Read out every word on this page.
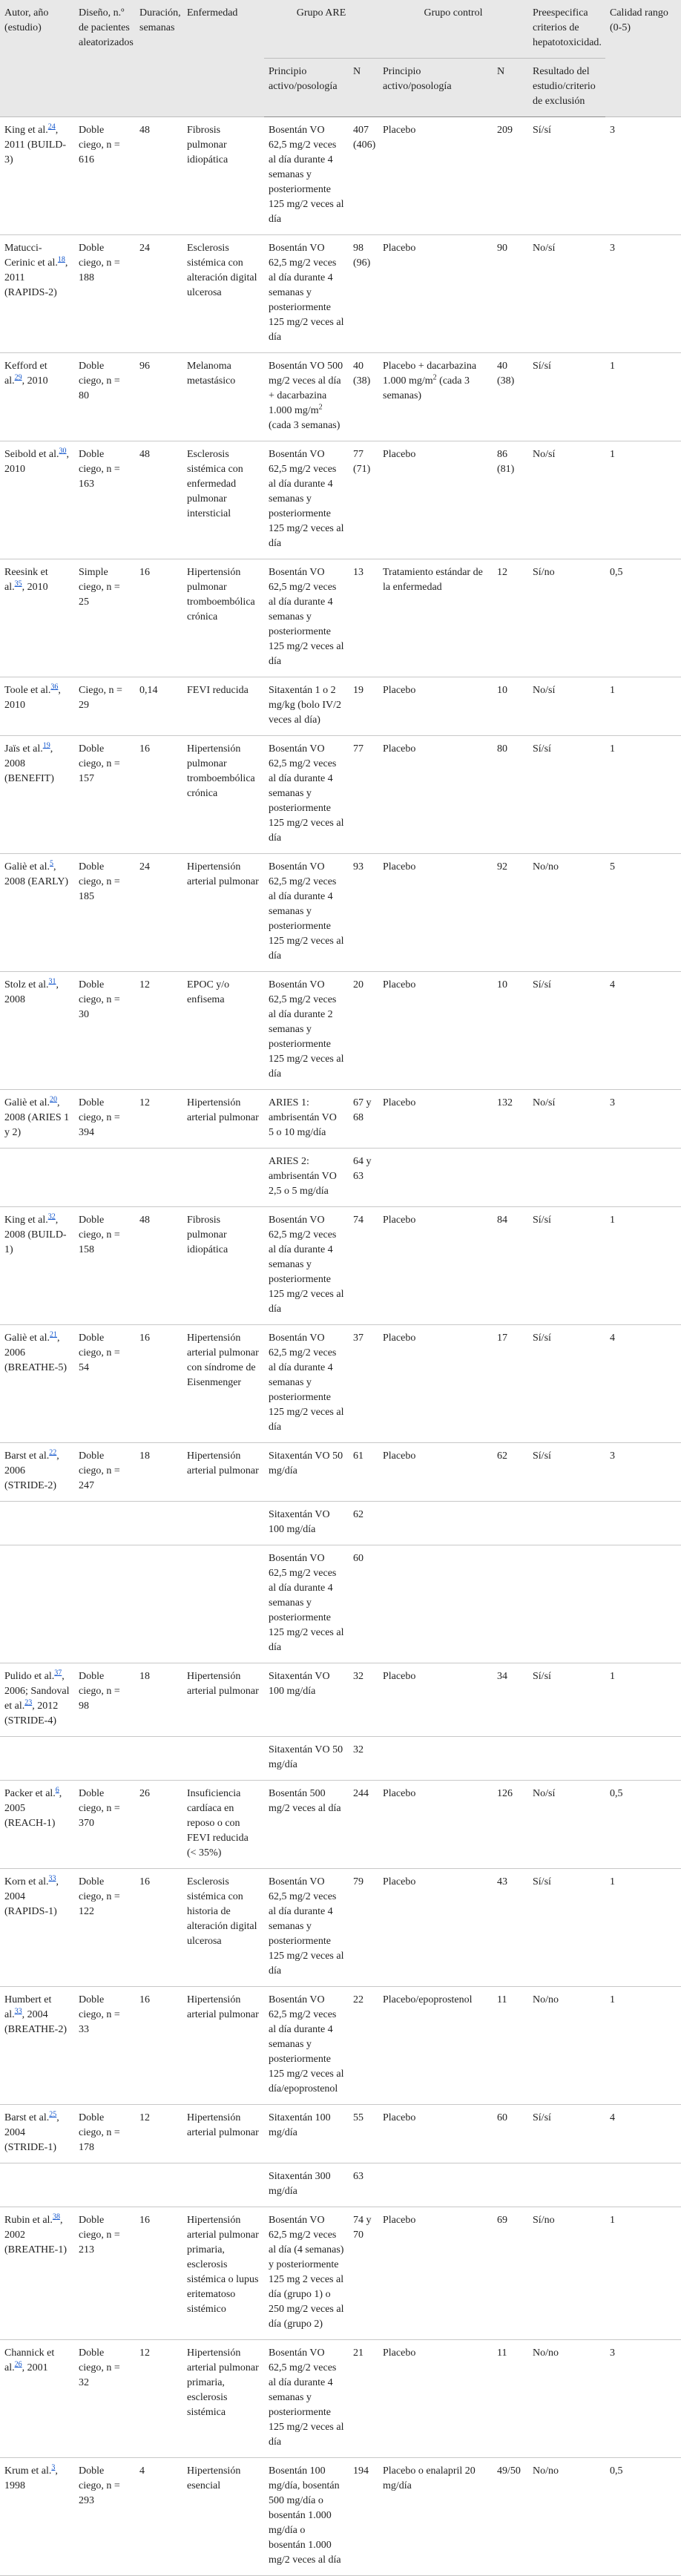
Autor, año (estudio)	Diseño, n.º de pacientes aleatorizados	Duración, semanas	Enfermedad	Grupo ARE		Grupo control		Preespecifica criterios de hepatotoxicidad.	Calidad rango (0-5)
				Principio activo/posología	N	Principio activo/posología	N	Resultado del estudio/criterio de exclusión	
King et al.$^{24}$, 2011 (BUILD-3)	Doble ciego, n = 616	48	Fibrosis pulmonar idiopática	Bosentán VO 62,5 mg/2 veces al día durante 4 semanas y posteriormente 125 mg/2 veces al día	407 (406)	Placebo	209	Sí/sí	3
Matucci-Cerinic et al.$^{18}$, 2011 (RAPIDS-2)	Doble ciego, n = 188	24	Esclerosis sistémica con alteración digital ulcerosa	Bosentán VO 62,5 mg/2 veces al día durante 4 semanas y posteriormente 125 mg/2 veces al día	98 (96)	Placebo	90	No/sí	3
Kefford et al.$^{29}$, 2010	Doble ciego, n = 80	96	Melanoma metastásico	Bosentán VO 500 mg/2 veces al día + dacarbazina 1.000 $mg/m^2$ (cada 3 semanas)	40 (38)	Placebo + dacarbazina 1.000 $mg/m^2$ (cada 3 semanas)	40 (38)	Sí/sí	1
Seibold et al.$^{30}$, 2010	Doble ciego, n = 163	48	Esclerosis sistémica con enfermedad pulmonar intersticial	Bosentán VO 62,5 mg/2 veces al día durante 4 semanas y posteriormente 125 mg/2 veces al día	77 (71)	Placebo	86 (81)	No/sí	1
Reesink et al.$^{35}$, 2010	Simple ciego, n = 25	16	Hipertensión pulmonar tromboembólica crónica	Bosentán VO 62,5 mg/2 veces al día durante 4 semanas y posteriormente 125 mg/2 veces al día	13	Tratamiento estándar de la enfermedad	12	Sí/no	0,5
Toole et al.$^{36}$, 2010	Ciego, n = 29	0,14	FEVI reducida	Sitaxentán 1 o 2 mg/kg (bolo IV/2 veces al día)	19	Placebo	10	No/sí	1
Jaïs et al.$^{19}$, 2008 (BENEFIT)	Doble ciego, n = 157	16	Hipertensión pulmonar tromboembólica crónica	Bosentán VO 62,5 mg/2 veces al día durante 4 semanas y posteriormente 125 mg/2 veces al día	77	Placebo	80	Sí/sí	1
Galiè et al.$^5$, 2008 (EARLY)	Doble ciego, n = 185	24	Hipertensión arterial pulmonar	Bosentán VO 62,5 mg/2 veces al día durante 4 semanas y posteriormente 125 mg/2 veces al día	93	Placebo	92	No/no	5
Stolz et al.$^{31}$, 2008	Doble ciego, n = 30	12	EPOC y/o enfisema	Bosentán VO 62,5 mg/2 veces al día durante 2 semanas y posteriormente 125 mg/2 veces al día	20	Placebo	10	Sí/sí	4
Galiè et al.$^{20}$, 2008 (ARIES 1 y 2)	Doble ciego, n = 394	12	Hipertensión arterial pulmonar	ARIES 1: ambrisentán VO 5 o 10 mg/día	67 y 68	Placebo	132	No/sí	3
				ARIES 2: ambrisentán VO 2,5 o 5 mg/día	64 y 63				
King et al.$^{32}$, 2008 (BUILD-1)	Doble ciego, n = 158	48	Fibrosis pulmonar idiopática	Bosentán VO 62,5 mg/2 veces al día durante 4 semanas y posteriormente 125 mg/2 veces al día	74	Placebo	84	Sí/sí	1
Galiè et al.$^{21}$, 2006 (BREATHE-5)	Doble ciego, n = 54	16	Hipertensión arterial pulmonar con síndrome de Eisenmenger	Bosentán VO 62,5 mg/2 veces al día durante 4 semanas y posteriormente 125 mg/2 veces al día	37	Placebo	17	Sí/sí	4
Barst et al.$^{22}$, 2006 (STRIDE-2)	Doble ciego, n = 247	18	Hipertensión arterial pulmonar	Sitaxentán VO 50 mg/día	61	Placebo	62	Sí/sí	3
				Sitaxentán VO 100 mg/día	62				
				Bosentán VO 62,5 mg/2 veces al día durante 4 semanas y posteriormente 125 mg/2 veces al día	60				
Pulido et al.$^{37}$, 2006; Sandoval et al.$^{23}$, 2012 (STRIDE-4)	Doble ciego, n = 98	18	Hipertensión arterial pulmonar	Sitaxentán VO 100 mg/día	32	Placebo	34	Sí/sí	1
				Sitaxentán VO 50 mg/día	32				
Packer et al.$^6$, 2005 (REACH-1)	Doble ciego, n = 370	26	Insuficiencia cardíaca en reposo o con FEVI reducida (< 35%)	Bosentán 500 mg/2 veces al día	244	Placebo	126	No/sí	0,5
Korn et al.$^{33}$, 2004 (RAPIDS-1)	Doble ciego, n = 122	16	Esclerosis sistémica con historia de alteración digital ulcerosa	Bosentán VO 62,5 mg/2 veces al día durante 4 semanas y posteriormente 125 mg/2 veces al día	79	Placebo	43	Sí/sí	1
Humbert et al.$^{33}$, 2004 (BREATHE-2)	Doble ciego, n = 33	16	Hipertensión arterial pulmonar	Bosentán VO 62,5 mg/2 veces al día durante 4 semanas y posteriormente 125 mg/2 veces al día/epoprostenol	22	Placebo/epoprostenol	11	No/no	1
Barst et al.$^{25}$, 2004 (STRIDE-1)	Doble ciego, n = 178	12	Hipertensión arterial pulmonar	Sitaxentán 100 mg/día	55	Placebo	60	Sí/sí	4
				Sitaxentán 300 mg/día	63				
Rubin et al.$^{38}$, 2002 (BREATHE-1)	Doble ciego, n = 213	16	Hipertensión arterial pulmonar primaria, esclerosis sistémica o lupus eritematoso sistémico	Bosentán VO 62,5 mg/2 veces al día (4 semanas) y posteriormente 125 mg 2 veces al día (grupo 1) o 250 mg/2 veces al día (grupo 2)	74 y 70	Placebo	69	Sí/no	1
Channick et al.$^{26}$, 2001	Doble ciego, n = 32	12	Hipertensión arterial pulmonar primaria, esclerosis sistémica	Bosentán VO 62,5 mg/2 veces al día durante 4 semanas y posteriormente 125 mg/2 veces al día	21	Placebo	11	No/no	3
Krum et al.$^3$, 1998	Doble ciego, n = 293	4	Hipertensión esencial	Bosentán 100 mg/día, bosentán 500 mg/día o bosentán 1.000 mg/día o bosentán 1.000 mg/2 veces al día	194	Placebo o enalapril 20 mg/día	49/50	No/no	0,5
